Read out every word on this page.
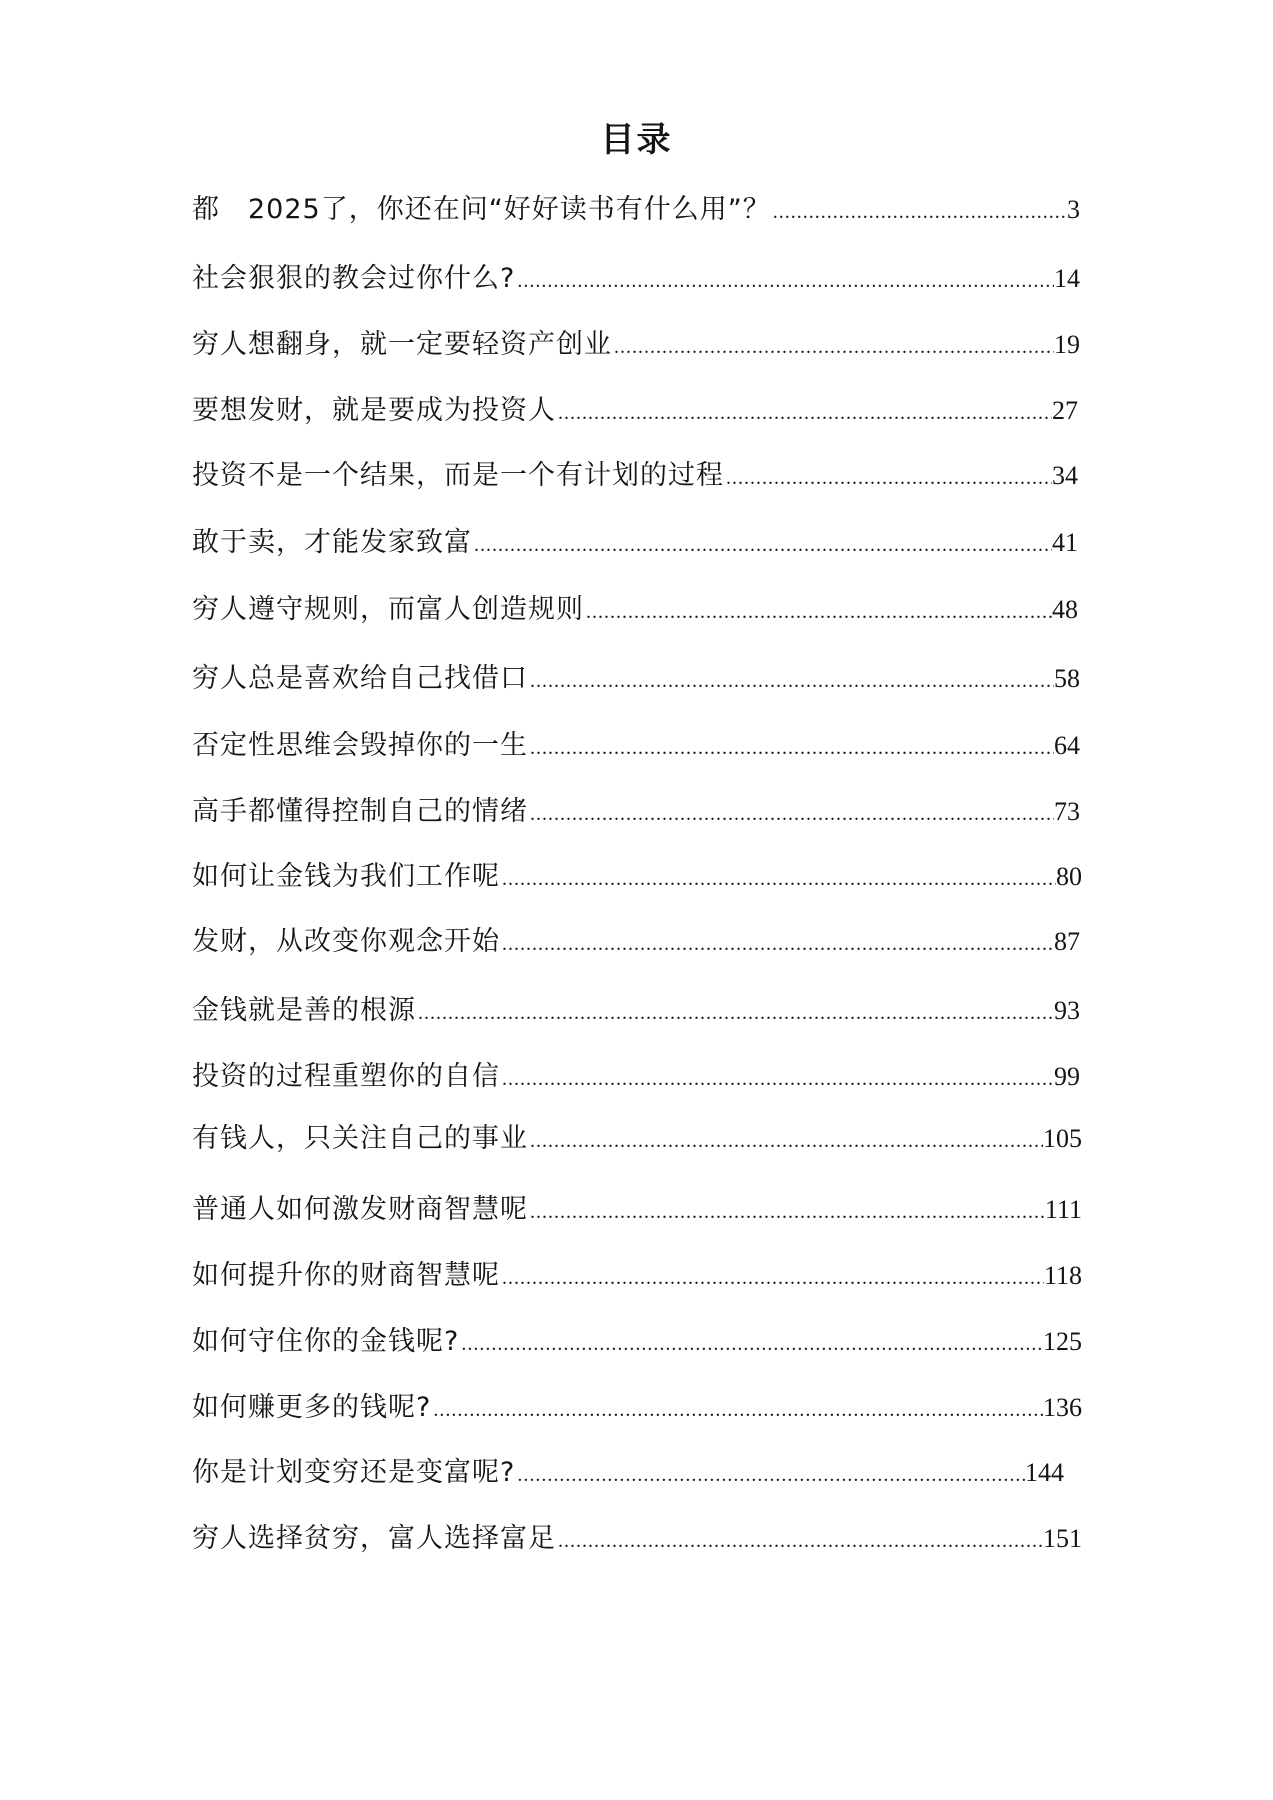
目录
都　2025了，你还在问“好好读书有什么用”？ .....	3
社会狠狠的教会过你什么? .....	14
穷人想翻身，就一定要轻资产创业 .....	19
要想发财，就是要成为投资人 .....	27
投资不是一个结果，而是一个有计划的过程 .....	34
敢于卖，才能发家致富 .....	41
穷人遵守规则，而富人创造规则 .....	48
穷人总是喜欢给自己找借口 .....	58
否定性思维会毁掉你的一生 .....	64
高手都懂得控制自己的情绪 .....	73
如何让金钱为我们工作呢 .....	80
发财，从改变你观念开始 .....	87
金钱就是善的根源 .....	93
投资的过程重塑你的自信 .....	99
有钱人，只关注自己的事业 .....	105
普通人如何激发财商智慧呢 .....	111
如何提升你的财商智慧呢 .....	118
如何守住你的金钱呢? .....	125
如何赚更多的钱呢? .....	136
你是计划变穷还是变富呢? .....	144
穷人选择贫穷，富人选择富足 .....	151
